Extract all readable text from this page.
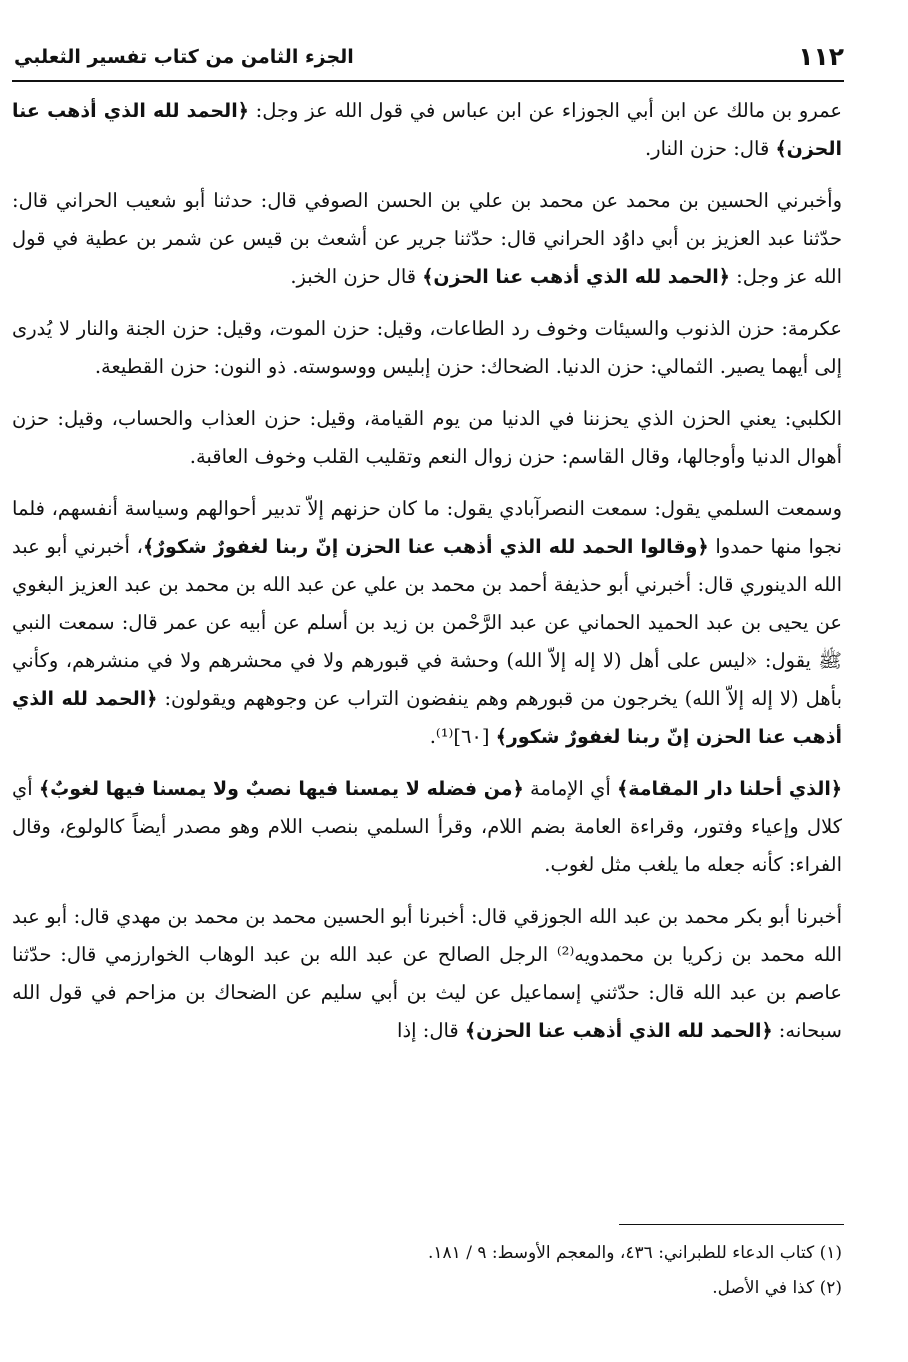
١١٢
الجزء الثامن من كتاب تفسير الثعلبي

عمرو بن مالك عن ابن أبي الجوزاء عن ابن عباس في قول الله عز وجل: ﴿الحمد لله الذي أذهب عنا الحزن﴾ قال: حزن النار.

وأخبرني الحسين بن محمد عن محمد بن علي بن الحسن الصوفي قال: حدثنا أبو شعيب الحراني قال: حدّثنا عبد العزيز بن أبي داوُد الحراني قال: حدّثنا جرير عن أشعث بن قيس عن شمر بن عطية في قول الله عز وجل: ﴿الحمد لله الذي أذهب عنا الحزن﴾ قال حزن الخبز.

عكرمة: حزن الذنوب والسيئات وخوف رد الطاعات، وقيل: حزن الموت، وقيل: حزن الجنة والنار لا يُدرى إلى أيهما يصير. الثمالي: حزن الدنيا. الضحاك: حزن إبليس ووسوسته. ذو النون: حزن القطيعة.

الكلبي: يعني الحزن الذي يحزننا في الدنيا من يوم القيامة، وقيل: حزن العذاب والحساب، وقيل: حزن أهوال الدنيا وأوجالها، وقال القاسم: حزن زوال النعم وتقليب القلب وخوف العاقبة.

وسمعت السلمي يقول: سمعت النصرآبادي يقول: ما كان حزنهم إلاّ تدبير أحوالهم وسياسة أنفسهم، فلما نجوا منها حمدوا ﴿وقالوا الحمد لله الذي أذهب عنا الحزن إنّ ربنا لغفورٌ شكورٌ﴾، أخبرني أبو عبد الله الدينوري قال: أخبرني أبو حذيفة أحمد بن محمد بن علي عن عبد الله بن محمد بن عبد العزيز البغوي عن يحيى بن عبد الحميد الحماني عن عبد الرَّحْمن بن زيد بن أسلم عن أبيه عن عمر قال: سمعت النبي ﷺ يقول: «ليس على أهل (لا إله إلاّ الله) وحشة في قبورهم ولا في محشرهم ولا في منشرهم، وكأني بأهل (لا إله إلاّ الله) يخرجون من قبورهم وهم ينفضون التراب عن وجوههم ويقولون: ﴿الحمد لله الذي أذهب عنا الحزن إنّ ربنا لغفورٌ شكور﴾ [٦٠]⁽¹⁾.

﴿الذي أحلنا دار المقامة﴾ أي الإمامة ﴿من فضله لا يمسنا فيها نصبٌ ولا يمسنا فيها لغوبٌ﴾ أي كلال وإعياء وفتور، وقراءة العامة بضم اللام، وقرأ السلمي بنصب اللام وهو مصدر أيضاً كالولوع، وقال الفراء: كأنه جعله ما يلغب مثل لغوب.

أخبرنا أبو بكر محمد بن عبد الله الجوزقي قال: أخبرنا أبو الحسين محمد بن محمد بن مهدي قال: أبو عبد الله محمد بن زكريا بن محمدويه⁽²⁾ الرجل الصالح عن عبد الله بن عبد الوهاب الخوارزمي قال: حدّثنا عاصم بن عبد الله قال: حدّثني إسماعيل عن ليث بن أبي سليم عن الضحاك بن مزاحم في قول الله سبحانه: ﴿الحمد لله الذي أذهب عنا الحزن﴾ قال: إذا

(١) كتاب الدعاء للطبراني: ٤٣٦، والمعجم الأوسط: ٩ / ١٨١.

(٢) كذا في الأصل.
